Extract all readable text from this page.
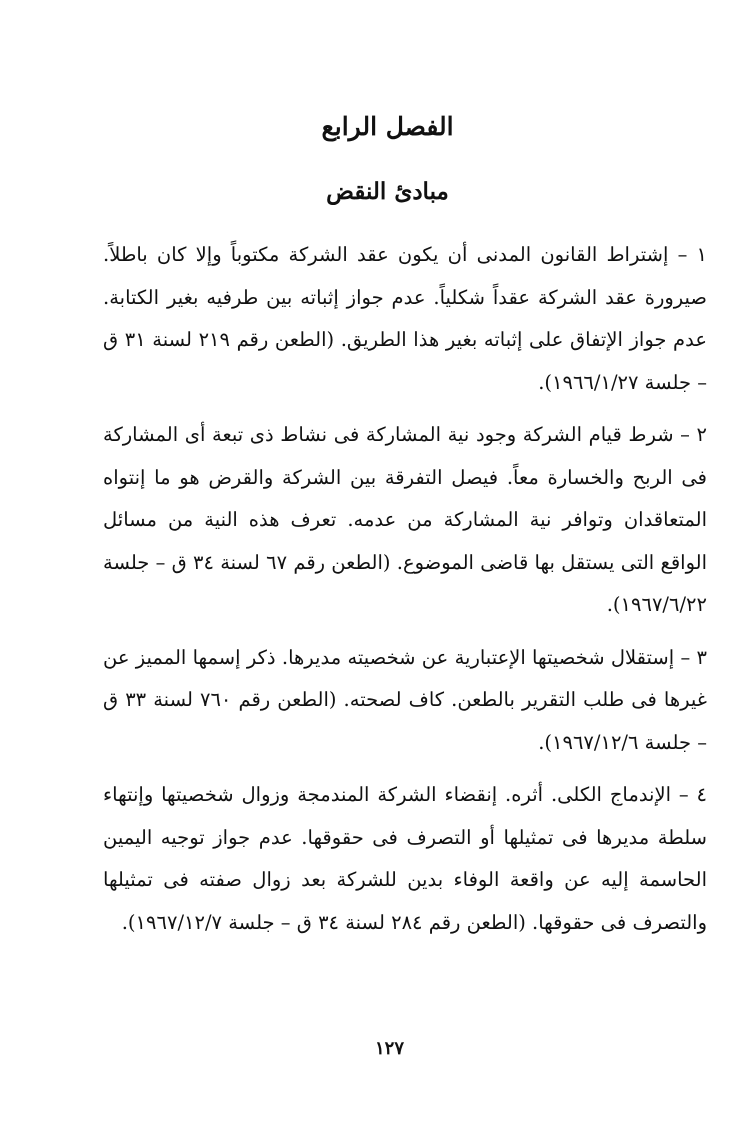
الفصل الرابع
مبادئ النقض

١ – إشتراط القانون المدنى أن يكون عقد الشركة مكتوباً وإلا كان باطلاً. صيرورة عقد الشركة عقداً شكلياً. عدم جواز إثباته بين طرفيه بغير الكتابة. عدم جواز الإتفاق على إثباته بغير هذا الطريق. (الطعن رقم ٢١٩ لسنة ٣١ ق – جلسة ١٩٦٦/١/٢٧).

٢ – شرط قيام الشركة وجود نية المشاركة فى نشاط ذى تبعة أى المشاركة فى الربح والخسارة معاً. فيصل التفرقة بين الشركة والقرض هو ما إنتواه المتعاقدان وتوافر نية المشاركة من عدمه. تعرف هذه النية من مسائل الواقع التى يستقل بها قاضى الموضوع. (الطعن رقم ٦٧ لسنة ٣٤ ق – جلسة ١٩٦٧/٦/٢٢).

٣ – إستقلال شخصيتها الإعتبارية عن شخصيته مديرها. ذكر إسمها المميز عن غيرها فى طلب التقرير بالطعن. كاف لصحته. (الطعن رقم ٧٦٠ لسنة ٣٣ ق – جلسة ١٩٦٧/١٢/٦).

٤ – الإندماج الكلى. أثره. إنقضاء الشركة المندمجة وزوال شخصيتها وإنتهاء سلطة مديرها فى تمثيلها أو التصرف فى حقوقها. عدم جواز توجيه اليمين الحاسمة إليه عن واقعة الوفاء بدين للشركة بعد زوال صفته فى تمثيلها والتصرف فى حقوقها. (الطعن رقم ٢٨٤ لسنة ٣٤ ق – جلسة ١٩٦٧/١٢/٧).

١٢٧
